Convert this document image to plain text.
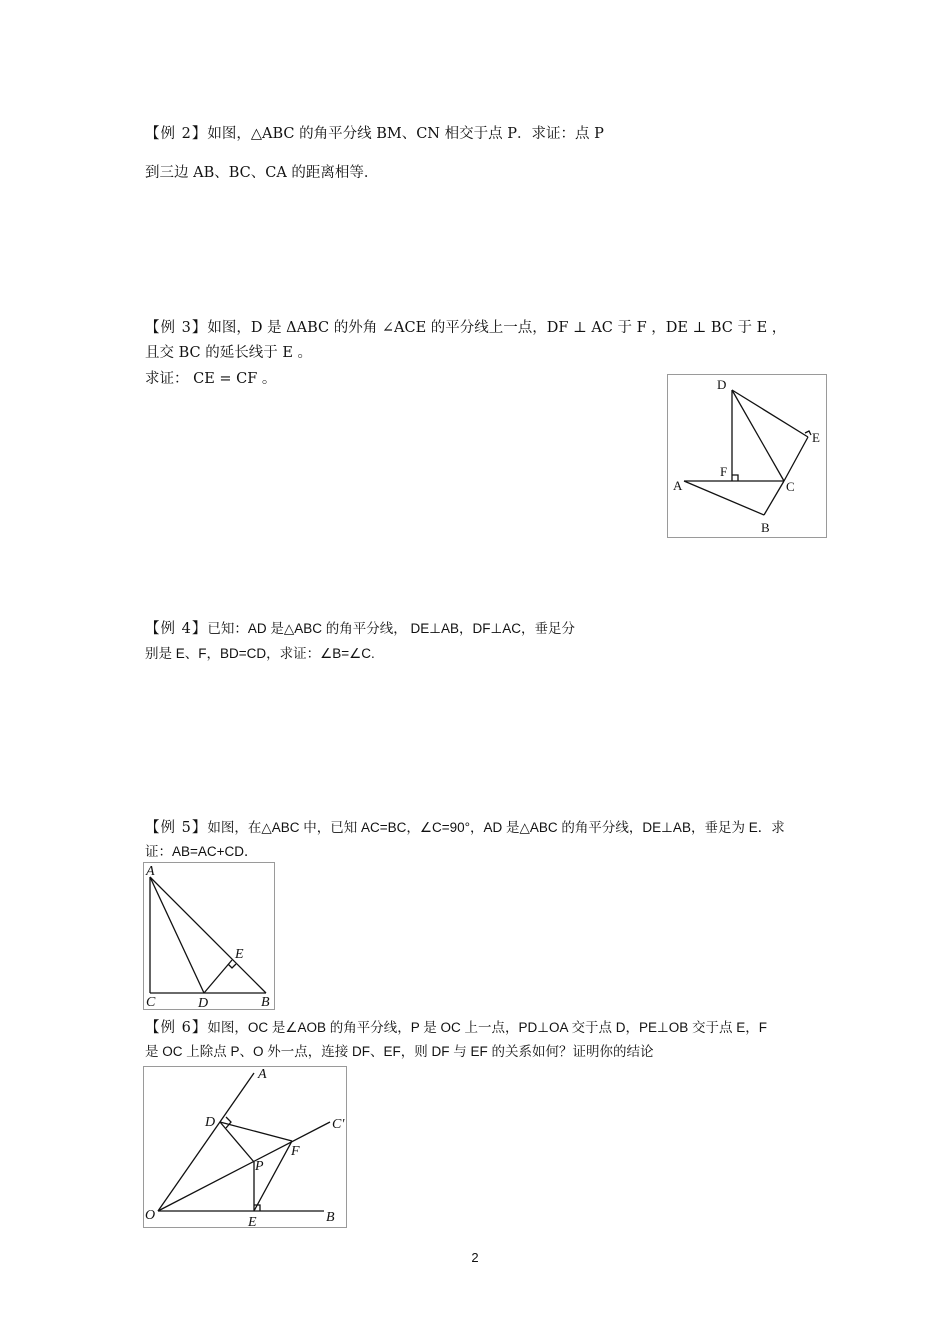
【例 2】如图，△ABC 的角平分线 BM、CN 相交于点 P．求证：点 P
到三边 AB、BC、CA 的距离相等．
【例 3】如图，D 是 ΔABC 的外角 ∠ACE 的平分线上一点，DF ⊥ AC 于 F ，DE ⊥ BC 于 E ，
且交 BC 的延长线于 E 。
求证： CE = CF 。	D
E
F
A	C
B
【例 4】已知：AD 是△ABC 的角平分线， DE⊥AB，DF⊥AC，垂足分
别是 E、F，BD=CD，求证：∠B=∠C.
【例 5】如图，在△ABC 中，已知 AC=BC，∠C=90°，AD 是△ABC 的角平分线，DE⊥AB，垂足为 E．求
证：AB=AC+CD．
A
E
C	D	B
【例 6】如图，OC 是∠AOB 的角平分线，P 是 OC 上一点，PD⊥OA 交于点 D，PE⊥OB 交于点 E，F
是 OC 上除点 P、O 外一点，连接 DF、EF，则 DF 与 EF 的关系如何？证明你的结论
A
C'
D
F
P
O	E	B
2
